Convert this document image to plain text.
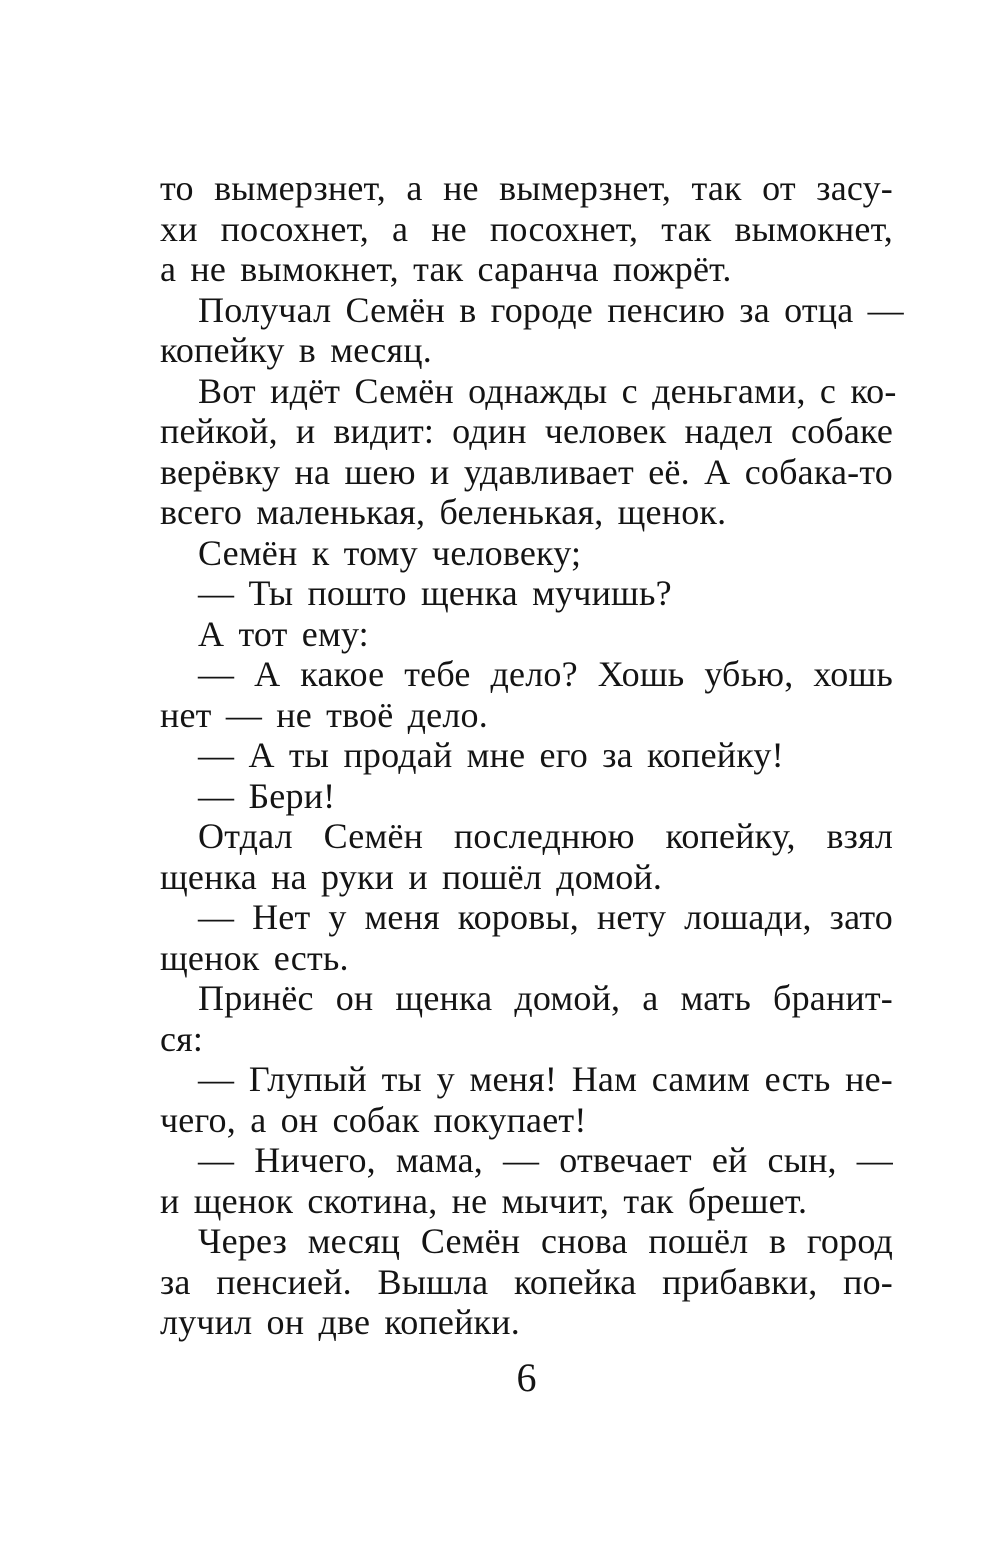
то вымерзнет, а не вымерзнет, так от засу-
хи посохнет, а не посохнет, так вымокнет,
а не вымокнет, так саранча пожрёт.
Получал Семён в городе пенсию за отца —
копейку в месяц.
Вот идёт Семён однажды с деньгами, с ко-
пейкой, и видит: один человек надел собаке
верёвку на шею и удавливает её. А собака-то
всего маленькая, беленькая, щенок.
Семён к тому человеку;
— Ты пошто щенка мучишь?
А тот ему:
— А какое тебе дело? Хошь убью, хошь
нет — не твоё дело.
— А ты продай мне его за копейку!
— Бери!
Отдал Семён последнюю копейку, взял
щенка на руки и пошёл домой.
— Нет у меня коровы, нету лошади, зато
щенок есть.
Принёс он щенка домой, а мать бранит-
ся:
— Глупый ты у меня! Нам самим есть не-
чего, а он собак покупает!
— Ничего, мама, — отвечает ей сын, —
и щенок скотина, не мычит, так брешет.
Через месяц Семён снова пошёл в город
за пенсией. Вышла копейка прибавки, по-
лучил он две копейки.
6
